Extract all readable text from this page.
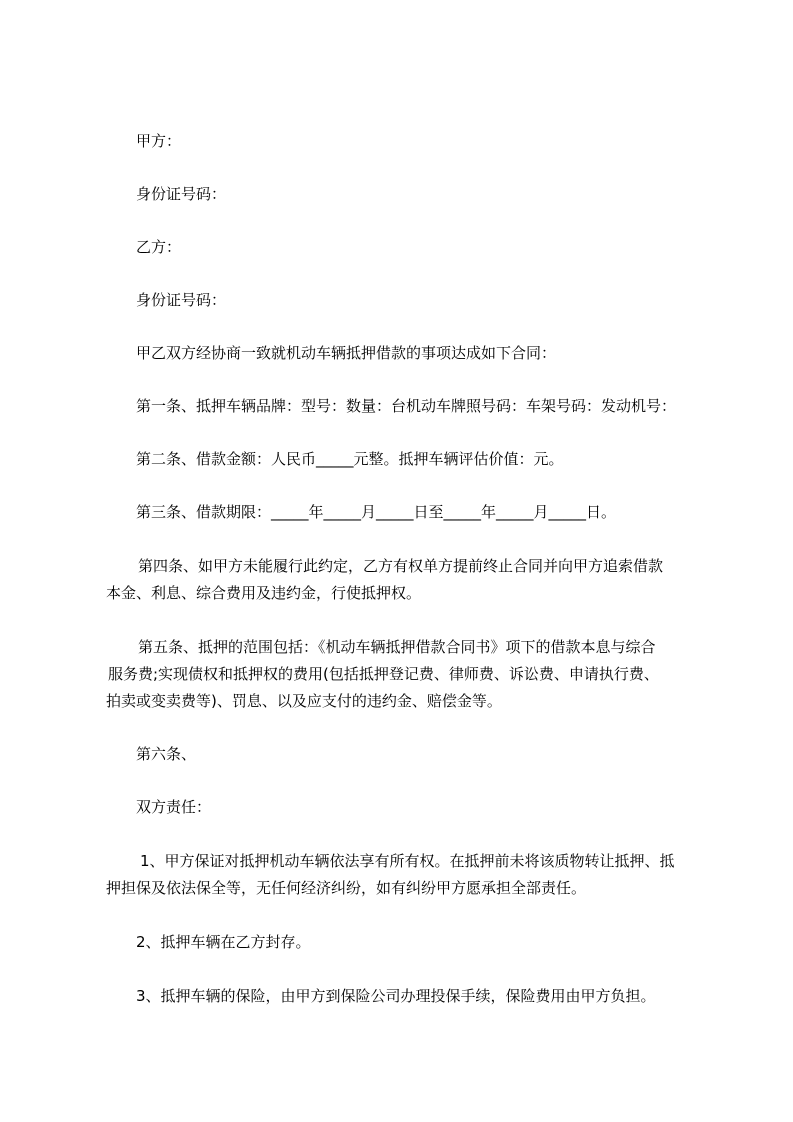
甲方：

身份证号码：

乙方：

身份证号码：

甲乙双方经协商一致就机动车辆抵押借款的事项达成如下合同：

第一条、抵押车辆品牌：型号：数量：台机动车牌照号码：车架号码：发动机号：

第二条、借款金额：人民币_____元整。抵押车辆评估价值：元。

第三条、借款期限：_____年_____月_____日至_____年_____月_____日。

第四条、如甲方未能履行此约定，乙方有权单方提前终止合同并向甲方追索借款

本金、利息、综合费用及违约金，行使抵押权。

第五条、抵押的范围包括：《机动车辆抵押借款合同书》项下的借款本息与综合

服务费;实现债权和抵押权的费用(包括抵押登记费、律师费、诉讼费、申请执行费、

拍卖或变卖费等)、罚息、以及应支付的违约金、赔偿金等。

第六条、

双方责任：

1、甲方保证对抵押机动车辆依法享有所有权。在抵押前未将该质物转让抵押、抵

押担保及依法保全等，无任何经济纠纷，如有纠纷甲方愿承担全部责任。

2、抵押车辆在乙方封存。

3、抵押车辆的保险，由甲方到保险公司办理投保手续，保险费用由甲方负担。
